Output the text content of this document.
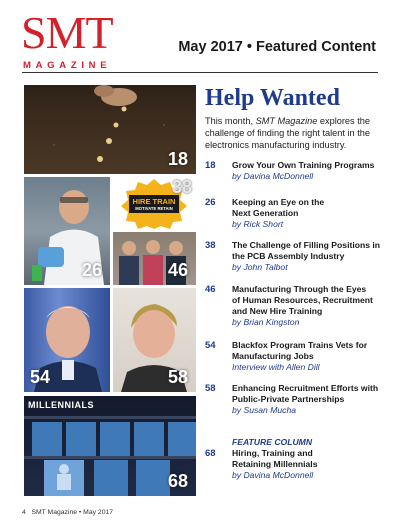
SMT
MAGAZINE
May 2017 • Featured Content
18
26
HIRE TRAIN
MOTIVATE RETAIN
38
46
54	58
MILLENNIALS
68
Help Wanted
This month, SMT Magazine explores the challenge of finding the right talent in the electronics manufacturing industry.
18 Grow Your Own Training Programs
by Davina McDonnell
26 Keeping an Eye on the Next Generation
by Rick Short
38 The Challenge of Filling Positions in the PCB Assembly Industry
by John Talbot
46 Manufacturing Through the Eyes of Human Resources, Recruitment and New Hire Training
by Brian Kingston
54 Blackfox Program Trains Vets for Manufacturing Jobs
Interview with Allen Dill
58 Enhancing Recruitment Efforts with Public-Private Partnerships
by Susan Mucha
68
FEATURE COLUMN
Hiring, Training and Retaining Millennials
by Davina McDonnell
4   SMT Magazine • May 2017
